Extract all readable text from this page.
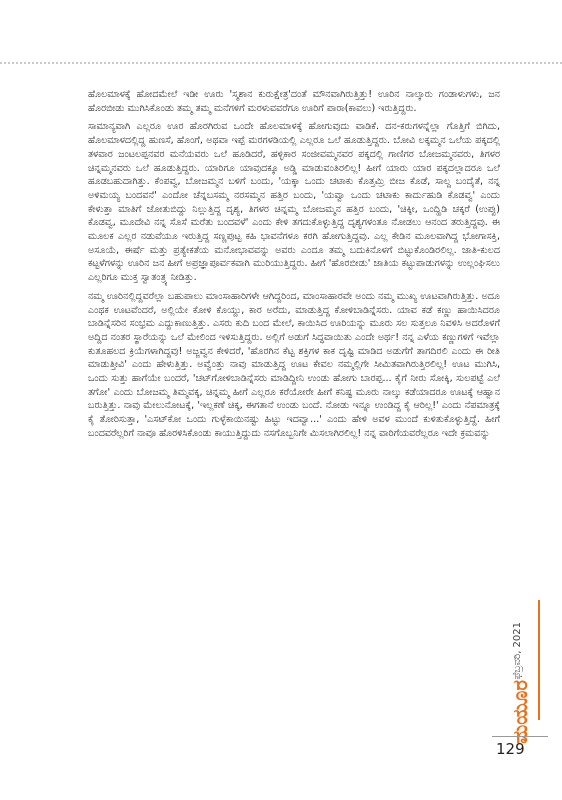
ಹೊಲಮಾಳಕ್ಕೆ ಹೋದಮೇಲೆ ಇಡೀ ಊರು 'ಸ್ಮಶಾನ ಕುರುಕ್ಷೇತ್ರ'ದಂತೆ ಮೌನವಾಗಿರುತ್ತಿತ್ತು! ಊರಿನ ನಾಲ್ಕಾರು ಗಂಡಾಳುಗಳು, ಜನ ಹೊರಬೀಡು ಮುಗಿಸಿಕೊಂಡು ತಮ್ಮ ತಮ್ಮ ಮನೆಗಳಿಗೆ ಮರಳುವವರೆಗೂ ಊರಿಗೆ ಪಾರಾ(ಕಾವಲು) ಇರುತ್ತಿದ್ದರು.

ಸಾಮಾನ್ಯವಾಗಿ ಎಲ್ಲರೂ ಊರ ಹೊರಗಿರುವ ಒಂದೇ ಹೊಲಮಾಳಕ್ಕೆ ಹೋಗುವುದು ವಾಡಿಕೆ. ದನ-ಕರುಗಳನ್ನೆಲ್ಲಾ ಗೊತ್ತಿಗೆ ಬಿಗಿದು, ಹೊಲಮಾಳದಲ್ಲಿದ್ದ ಹುಣಸೆ, ಹೊಂಗೆ, ಅಥವಾ ಇಪ್ಪೆ ಮರಗಳಡಿಯಲ್ಲಿ ಎಲ್ಲರೂ ಒಲೆ ಹೂಡುತ್ತಿದ್ದರು. ಬೋವಿ ಲಕ್ಕಮ್ಮನ ಒಲೆಯ ಪಕ್ಕದಲ್ಲಿ ತಳವಾರ ಜಂಟಲಪ್ಪನವರ ಮನೆಯವರು ಒಲೆ ಹೂಡಿದರೆ, ಹಳ್ಳಿಕಾರ ಸಂಜೀವಮ್ಮನವರ ಪಕ್ಕದಲ್ಲಿ ಗಾಣಿಗರ ಬೋಜಮ್ಮನವರು, ತಿಗಳರ ಚಿನ್ನಮ್ಮನವರು ಒಲೆ ಹೂಡುತ್ತಿದ್ದರು. ಯಾರಿಗೂ ಯಾವುದಕ್ಕೂ ಅಡ್ಡಿ ಮಾಡುವಂತಿರಲಿಲ್ಲ! ಹೀಗೆ ಯಾರು ಯಾರ ಪಕ್ಕದಲ್ಲಾದರೂ ಒಲೆ ಹೂಡಬಹುದಾಗಿತ್ತು. ಕೆಂಪವ್ವ, ಬೋಜಮ್ಮನ ಬಳಿಗೆ ಬಂದು, 'ಯಕ್ಕಾ ಒಂದು ಚಟಾಕು ಕೊತ್ತಮ್ರಿ ಬೀಜ ಕೊಡೆ, ಸಾಲ್ದ ಬಂದೈತೆ, ನನ್ನ ಅಳಿಮಯ್ಯ ಬಂದವನೆ' ಎಂದೋ ಚೆನ್ನಬಸಮ್ಮ ನರಸಮ್ಮನ ಹತ್ತಿರ ಬಂದು, 'ಯವ್ವಾ ಒಂದು ಚಟಾಕು ಕಾರ್ದುಹುಡಿ ಕೊಡವ್ವ' ಎಂದು ಕೇಳುತ್ತಾ ಮಾತಿಗೆ ಜೋತುಬಿದ್ದು ನಿಲ್ಲುತ್ತಿದ್ದ ದೃಶ್ಯ, ತಿಗಳರ ಚಿನ್ನಮ್ಮ ಬೋಜಮ್ಮನ ಹತ್ತಿರ ಬಂದು, 'ಚಿಕ್ಕೀ, ಒಂದ್ಹಿಡಿ ಚಕ್ಕರೆ (ಉಪ್ಪು) ಕೊಡವ್ವ, ಮೂದೇವಿ ನನ್ನ ಸೊಸೆ ಮರೆತು ಬಂದವಳೆ' ಎಂದು ಕೇಳಿ ತಗದುಕೊಳ್ಳುತ್ತಿದ್ದ ದೃಶ್ಯಗಳಂತೂ ನೋಡಲು ಆನಂದ ತರುತ್ತಿದ್ದವು. ಈ ಮೂಲಕ ಎಲ್ಲರ ನಡುವೆಯೂ ಇರುತ್ತಿದ್ದ ಸಣ್ಣಪುಟ್ಟ ಕಹಿ ಭಾವನೆಗಳೂ ಕರಗಿ ಹೋಗುತ್ತಿದ್ದವು. ಎಲ್ಲ ಕೇಡಿನ ಮೂಲವಾಗಿದ್ದ ಭೋಗಾಸಕ್ತಿ, ಅಸೂಯೆ, ಈರ್ಷೆ ಮತ್ತು ಪ್ರತ್ಯೇಕತೆಯ ಮನೋಭಾವವನ್ನು ಅವರು ಎಂದೂ ತಮ್ಮ ಬದುಕಿನೊಳಗೆ ಬಿಟ್ಟುಕೊಂಡಿರಲಿಲ್ಲ. ಜಾತಿ-ಕುಲದ ಕಟ್ಟಳೆಗಳನ್ನು ಊರಿನ ಜನ ಹೀಗೆ ಅಪ್ರಜ್ಞಾಪೂರ್ವಕವಾಗಿ ಮುರಿಯುತ್ತಿದ್ದರು. ಹೀಗೆ 'ಹೊರಬೀಡು' ಜಾತಿಯ ಕಟ್ಟುಪಾಡುಗಳನ್ನು ಉಲ್ಲಂಘಿಸಲು ಎಲ್ಲರಿಗೂ ಮುಕ್ತ ಸ್ವಾತಂತ್ರ್ಯ ನೀಡಿತ್ತು.

ನಮ್ಮ ಊರಿನಲ್ಲಿದ್ದವರೆಲ್ಲಾ ಬಹುಪಾಲು ಮಾಂಸಾಹಾರಿಗಳೇ ಆಗಿದ್ದರಿಂದ, ಮಾಂಸಾಹಾರವೇ ಅಂದು ನಮ್ಮ ಮುಖ್ಯ ಊಟವಾಗಿರುತ್ತಿತ್ತು. ಅದೂ ಎಂಥಕ ಊಟವೆಂದರೆ, ಅಲ್ಲಿಯೇ ಕೋಳಿ ಕೊಯ್ದು, ಕಾರ ಅರೆದು, ಮಾಡುತ್ತಿದ್ದ ಕೋಳಿಬಾಡಿನ್ನೆಸರು. ಯಾವ ಕಡೆ ಕಣ್ಣು ಹಾಯಿಸಿದರೂ ಬಾಡಿನ್ನೆಸರಿನ ಸಂಭ್ರಮ ಎದ್ದುಕಾಣುತ್ತಿತ್ತು. ಎಸರು ಕುದಿ ಬಂದ ಮೇಲೆ, ಕಾಯಿಸಿದ ಊರಿಯನ್ನು ಮೂರು ಸಲ ಸುತ್ತಲೂ ನಿವಳಿಸಿ ಅದರೊಳಗೆ ಅದ್ದಿದ ನಂತರ ಸ್ಥಾರೆಯನ್ನು ಒಲೆ ಮೇಲಿಂದ ಇಳಿಸುತ್ತಿದ್ದರು. ಅಲ್ಲಿಗೆ ಅಡುಗೆ ಸಿದ್ಧವಾಯಿತು ಎಂದೇ ಅರ್ಥ! ನನ್ನ ಎಳೆಯ ಕಣ್ಣುಗಳಿಗೆ ಇವೆಲ್ಲಾ ಕುತೂಹಲದ ಕ್ರಿಯೆಗಳಾಗಿದ್ದವು! ಅಜ್ಜವ್ವನ ಕೇಳಿದರೆ, 'ಹೊರಗಿನ ಕೆಟ್ಟ ಶಕ್ತಿಗಳ ಕಾಕ ದೃಷ್ಟಿ ಮಾಡಿದ ಅಡುಗೆಗೆ ತಾಗದಿರಲಿ ಎಂದು ಈ ರೀತಿ ಮಾಡುತ್ತೀವಿ' ಎಂದು ಹೇಳುತ್ತಿತ್ತು. ಅವ್ವೆಂತ್ತು ನಾವು ಮಾಡುತ್ತಿದ್ದ ಊಟ ಕೇವಲ ನಮ್ಮಲ್ಲಿಗೇ ಸೀಮಿತವಾಗಿರುತ್ತಿರಲಿಲ್ಲ! ಊಟ ಮುಗಿಸಿ, ಒಂದು ಸುತ್ತು ಹಾಗೆಯೇ ಬಂದರೆ, 'ಚಟ್‌ಗೋಳಿಬಾಡಿನ್ನೆಸರು ಮಾಡಿದ್ದೀನಿ ಉಂಡು ಹೋಗು ಬಾರಪ್ಪ... ಕೈಗೆ ನೀರು ಸೋಕ್ಕಿ, ಸುಲಪಟ್ಟೆ ಎಲೆ ತಗೋ' ಎಂದು ಬೋಜಮ್ಮ ತಿಮ್ಮವಕ್ಕ, ಚಿನ್ನಮ್ಮ ಹೀಗೆ ಎಲ್ಲರೂ ಕರೆಯೋರೇ ಹೀಗೆ ಕನಿಷ್ಟ ಮೂರು ನಾಲ್ಕು ಕಡೆಯಾದರೂ ಊಟಕ್ಕೆ ಆಹ್ವಾನ ಬರುತ್ತಿತ್ತು. ನಾವು ಮೇಲುನೋಟಕ್ಕೆ, 'ಇಲ್ಲಕಣೆ ಚಿಕ್ಕ, ಈಗತಾನೆ ಉಂಡು ಬಂದೆ. ನೋಡು ಇನ್ನೂ ಉಂಡಿದ್ದ ಕೈ ಆರಿಲ್ಲ!' ಎಂದು ನೆಪಮಾತ್ರಕ್ಕೆ ಕೈ ತೋರಿಸುತ್ತಾ, 'ಎಸಟ್‌ಕೋ ಒಂದು ಗುಳ್ಳೆಕಾಯಿನಷ್ಟು ಹಿಟ್ಟು ಇದವ್ವಾ...' ಎಂದು ಹೇಳಿ ಅವಳ ಮುಂದೆ ಕುಳಿತುಕೊಳ್ಳುತ್ತಿದ್ದೆ. ಹೀಗೆ ಬಂದವರೆಲ್ಲರಿಗೆ ನಾವೂ ಹೊರಳಿಸಿಕೊಂಡು ಕಾಯುತ್ತಿದ್ದುದು ನಸಗೊಬ್ಬನಿಗೇ ಮಿಸಲಾಗಿರಲಿಲ್ಲ! ನನ್ನ ವಾರಿಗೆಯವರೆಲ್ಲರೂ ಇದೇ ಕ್ರಮವನ್ನು

ಫೆಬ್ರವರಿ, 2021
ಮಯೂರ
129
